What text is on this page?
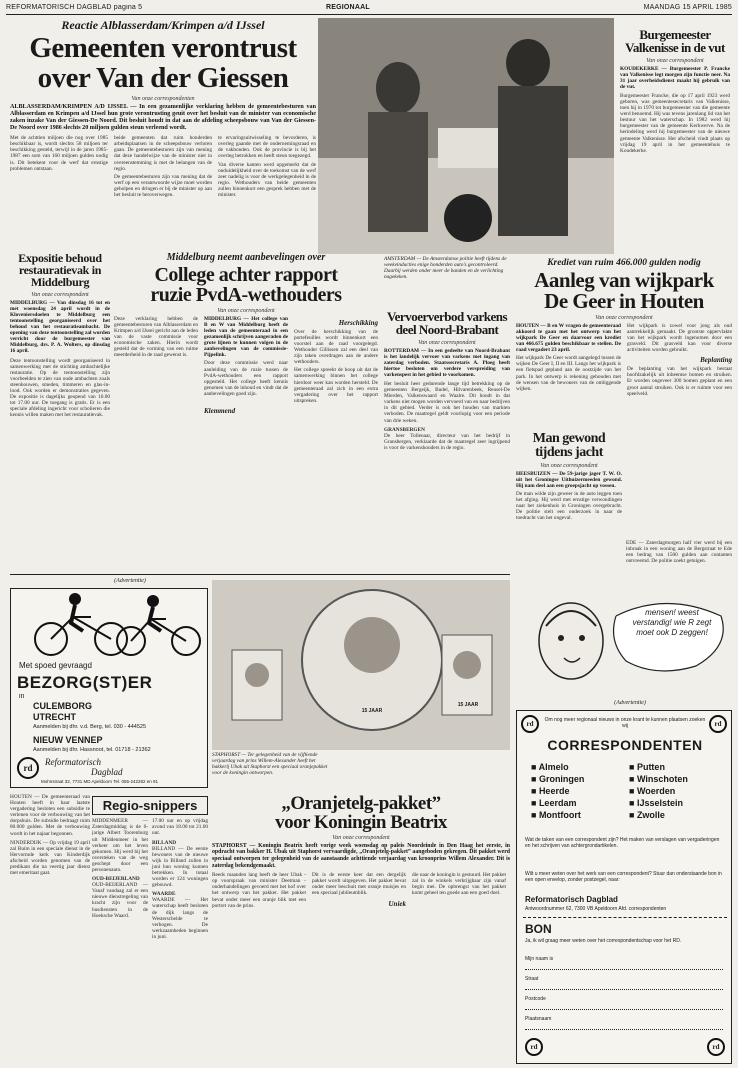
REFORMATORISCH DAGBLAD pagina 5	REGIONAAL	MAANDAG 15 APRIL 1985
Reactie Alblasserdam/Krimpen a/d IJssel
Gemeenten verontrust
over Van der Giessen
Van onze correspondenten
ALBLASSERDAM/KRIMPEN A/D IJSSEL — In een gezamenlijke verklaring hebben de gemeentebesturen van Alblasserdam en Krimpen a/d IJssel hun grote verontrusting geuit over het besluit van de minister van economische zaken inzake Van der Giessen-De Noord. Dit besluit houdt in dat aan de afdeling scheepsbouw van Van der Giessen-De Noord over 1986 slechts 20 miljoen gulden steun verleend wordt.
Met de achttien miljoen die nog over 1985 beschikbaar is, wordt slechts 58 miljoen ter beschikking gesteld, terwijl in de jaren 1985-1987 een som van 160 miljoen gulden nodig is. Dit betekent voor de werf dat ernstige problemen ontstaan.
beide gemeenten dat ruim honderden arbeidsplaatsen in de scheepsbouw verloren gaan. De gemeentebesturen zijn van mening dat deze handelwijze van de minister niet in overeenstemming is met de belangen van de regio.
De gemeentebesturen zijn van mening dat de werf op een verantwoorde wijze moet worden geholpen en dringen er bij de minister op aan het besluit te heroverwegen.
te ervaringsuitwisseling te bevorderen, is overleg gaande met de ondernemingsraad en de vakbonden. Ook de provincie is bij het overleg betrokken en heeft steun toegezegd.
Van diverse kanten werd opgemerkt dat de onduidelijkheid over de toekomst van de werf zeer nadelig is voor de werkgelegenheid in de regio. Wethouders van beide gemeenten zullen binnenkort een gesprek hebben met de minister.
Burgemeester Valkenisse in de vut
Van onze correspondent
KOUDEKERKE — Burgemeester P. Francke van Valkenisse legt morgen zijn functie neer. Na 31 jaar overheidsdienst maakt hij gebruik van de vut.
Burgemeester Francke, die op 17 april 1923 werd geboren, was gemeentesecretaris van Valkenisse, toen hij in 1970 tot burgemeester van die gemeente werd benoemd. Hij was tevens jarenlang lid van het bestuur van het waterschap. In 1982 werd hij burgemeester van de gemeente Kerkwerve. Na de herindeling werd hij burgemeester van de nieuwe gemeente Valkenisse. Het afscheid vindt plaats op vrijdag 19 april in het gemeentehuis te Koudekerke.
Expositie behoud restauratievak in Middelburg
Van onze correspondent
MIDDELBURG — Van dinsdag 16 tot en met woensdag 24 april wordt in de Kloveniersdoelen te Middelburg een tentoonstelling georganiseerd over het behoud van het restauratieambacht. De opening van deze tentoonstelling zal worden verricht door de burgemeester van Middelburg, drs. P. A. Wolters, op dinsdag 16 april.
Deze tentoonstelling wordt georganiseerd in samenwerking met de stichting ambachtelijke restauratie. Op de tentoonstelling zijn voorbeelden te zien van oude ambachten zoals steenhouwen, smeden, timmeren en glas-in-lood. Ook worden er demonstraties gegeven. De expositie is dagelijks geopend van 10.00 tot 17.00 uur. De toegang is gratis. Er is een speciale afdeling ingericht voor scholieren die kennis willen maken met het restauratievak.
Middelburg neemt aanbevelingen over
College achter rapport
ruzie PvdA-wethouders
Van onze correspondent
Deze verklaring hebben de gemeentebesturen van Alblasserdam en Krimpen a/d IJssel gericht aan de leden van de vaste commissie voor economische zaken. Hierin wordt gesteld dat de vorming van een ruime meerderheid in de raad gewenst is.
MIDDELBURG — Het college van B en W van Middelburg heeft de leden van de gemeenteraad in een gezamenlijk schrijven aangeraden de grote lijnen te kunnen volgen in de aanbevelingen van de commissie-Pijpelink.
Door deze commissie werd naar aanleiding van de ruzie tussen de PvdA-wethouders een rapport opgesteld. Het college heeft kennis genomen van de inhoud en vindt dat de aanbevelingen goed zijn.
Herschikking
Over de herschikking van de portefeuilles wordt binnenkort een voorstel aan de raad voorgelegd. Wethouder Gillissen zal een deel van zijn taken overdragen aan de andere wethouders.
Het college spreekt de hoop uit dat de samenwerking binnen het college hierdoor weer kan worden hersteld. De gemeenteraad zal zich in een extra vergadering over het rapport uitspreken.
Klemmend
AMSTERDAM — De Amsterdamse politie heeft tijdens de weekeindacties enige honderden auto's gecontroleerd. Daarbij werden onder meer de banden en de verlichting nagekeken.
Vervoerverbod varkens deel Noord-Brabant
Van onze correspondent
ROTTERDAM — In een gedeelte van Noord-Brabant is het landelijk vervoer van varkens met ingang van zaterdag verboden. Staatssecretaris A. Ploeg heeft hiertoe besloten om verdere verspreiding van varkenspest in het gebied te voorkomen.
Het besluit heer gedurende lange tijd betrekking op de gemeenten Bergeijk, Budel, Hilvarenbeek, Reusel-De Mierden, Valkenswaard en Waalre. Dit houdt in dat varkens niet mogen worden vervoerd van en naar bedrijven in dit gebied. Verder is ook het houden van markten verboden. De maatregel geldt voorlopig voor een periode van drie weken.
GRANSBERGEN
De heer Tollenaar, directeur van het bedrijf in Gransbergen, verklaarde dat de maatregel zeer ingrijpend is voor de varkenshouders in de regio.
Krediet van ruim 466.000 gulden nodig
Aanleg van wijkpark
De Geer in Houten
Van onze correspondent
HOUTEN — B en W vragen de gemeenteraad akkoord te gaan met het ontwerp van het wijkpark De Geer en daarvoor een krediet van 466.675 gulden beschikbaar te stellen. De raad vergadert 23 april.
Het wijkpark De Geer wordt aangelegd tussen de wijken De Geer I, II en III. Langs het wijkpark is een fietspad gepland aan de oostzijde van het park. In het ontwerp is rekening gehouden met de wensen van de bewoners van de omliggende wijken.
Het wijkpark is zowel voor jong als oud aantrekkelijk gemaakt. De grootste oppervlakte van het wijkpark wordt ingenomen door een grasveld. Dit grasveld kan voor diverse activiteiten worden gebruikt.
Beplanting
De beplanting van het wijkpark bestaat hoofdzakelijk uit inheemse bomen en struiken. Er worden ongeveer 300 bomen geplant en een groot aantal struiken. Ook is er ruimte voor een speelveld.
Man gewond tijdens jacht
Van onze correspondent
HEESBUIZEN — De 59-jarige jager T. W. O. uit het Groningse Uithuizermeeden gewond. Hij nam deel aan een groepsjacht op vossen.
De man wilde zijn geweer in de auto leggen toen het afging. Hij werd met ernstige verwondingen naar het ziekenhuis in Groningen overgebracht. De politie stelt een onderzoek in naar de toedracht van het ongeval.
EDE — Zaterdagmorgen half vier werd bij een inbraak in een woning aan de Bergstraat te Ede een bedrag van 1500 gulden aan contanten ontvreemd. De politie zoekt getuigen.
(Advertentie)
Met spoed gevraagd
BEZORG(ST)ER
in
CULEMBORG
UTRECHT
Aanmelden bij dhr. v.d. Berg, tel. 030 - 444525
NIEUW VENNEP
Aanmelden bij dhr. Hassnoot, tel. 01718 - 21362
rd
Reformatorisch
Dagblad
Mohnstraat 32, 7731 MD Apeldoorn Tel. 055-242282 en 91
15 JAAR
15 JAAR
STAPHORST — Ter gelegenheid van de vijftiende verjaardag van prins Willem-Alexander heeft het bakkerij Ubak uit Staphorst een speciaal oranjepakket voor de koningin ontworpen.
„Oranjetelg-pakket”
voor Koningin Beatrix
Van onze correspondent
STAPHORST — Koningin Beatrix heeft vorige week woensdag op paleis Noordeinde in Den Haag het eerste, in opdracht van bakker H. Ubak uit Staphorst vervaardigde, „Oranjetelg-pakket” aangeboden gekregen. Dit pakket werd speciaal ontworpen ter gelegenheid van de aanstaande achttiende verjaardag van kroonprins Willem Alexander. Dit is zaterdag bekendgemaakt.
Reeds maanden lang heeft de heer Ubak - op voorspraak van minister Deetman - onderhandelingen gevoerd met het hof over het ontwerp van het pakket. Het pakket bevat onder meer een oranje blik met een portret van de prins.
Dit is de eerste keer dat een dergelijk pakket wordt uitgegeven. Het pakket bevat onder meer beschuit met oranje muisjes en een speciaal jubileumblik.
Uniek
die naar de koningin is gestuurd. Het pakket zal in de winkels verkrijgbaar zijn vanaf begin mei. De opbrengst van het pakket komt geheel ten goede aan een goed doel.
HOUTEN — De gemeenteraad van Houten heeft in haar laatste vergadering besloten een subsidie te verlenen voor de verbouwing van het dorpshuis. De subsidie bedraagt ruim 80.000 gulden. Met de verbouwing wordt in het najaar begonnen.
NINDERDIJK — Op vrijdag 19 april zal Ruim in een speciale dienst in de Hervormde kerk van Kinderdijk afscheid worden genomen van de predikant die na veertig jaar dienst met emeritaat gaat.
Regio-snippers
MIDDENMEER — Zaterdagmiddag is de 6-jarige Albert Toorenburg uit Middenmeer in het verkeer om het leven gekomen. Hij werd bij het oversteken van de weg geschept door een personenauto.
OUD-BEIJERLAND
OUD-BEIJERLAND — Vanaf vandaag zal er een nieuwe dienstregeling van kracht zijn voor de busdiensten in de Hoeksche Waard.
17.00 uur en op vrijdag avond van 18.00 tot 21.00 uur.
BILLAND
BILLAND — De eerste bewoners van de nieuwe wijk in Billand zullen in juni hun woning kunnen betrekken. In totaal worden er 124 woningen gebouwd.
WAARDE
WAARDE — Het waterschap heeft besloten de dijk langs de Westerschelde te verhogen. De werkzaamheden beginnen in juni.
mensen! weest verstandig! wie R zegt moet ook D zeggen!
(Advertentie)
rd	rd
Om nog meer regionaal nieuws in onze krant te kunnen plaatsen zoeken wij
CORRESPONDENTEN
■ Almelo
■ Groningen
■ Heerde
■ Leerdam
■ Montfoort
■ Putten
■ Winschoten
■ Woerden
■ IJsselstein
■ Zwolle
Wat de taken van een correspondent zijn? Het maken van verslagen van vergaderingen en het schrijven van achtergrondartikelen.
Wilt u meer weten over het werk van een correspondent? Stuur dan onderstaande bon in een open envelop, zonder postzegel, naar:
Reformatorisch Dagblad
Antwoordnummer 62, 7300 VB Apeldoorn Afd. correspondenten
BON
Ja, ik wil graag meer weten over het correspondentschap voor het RD.
Mijn naam is
Straat
Postcode
Plaatsnaam
rd	rd
